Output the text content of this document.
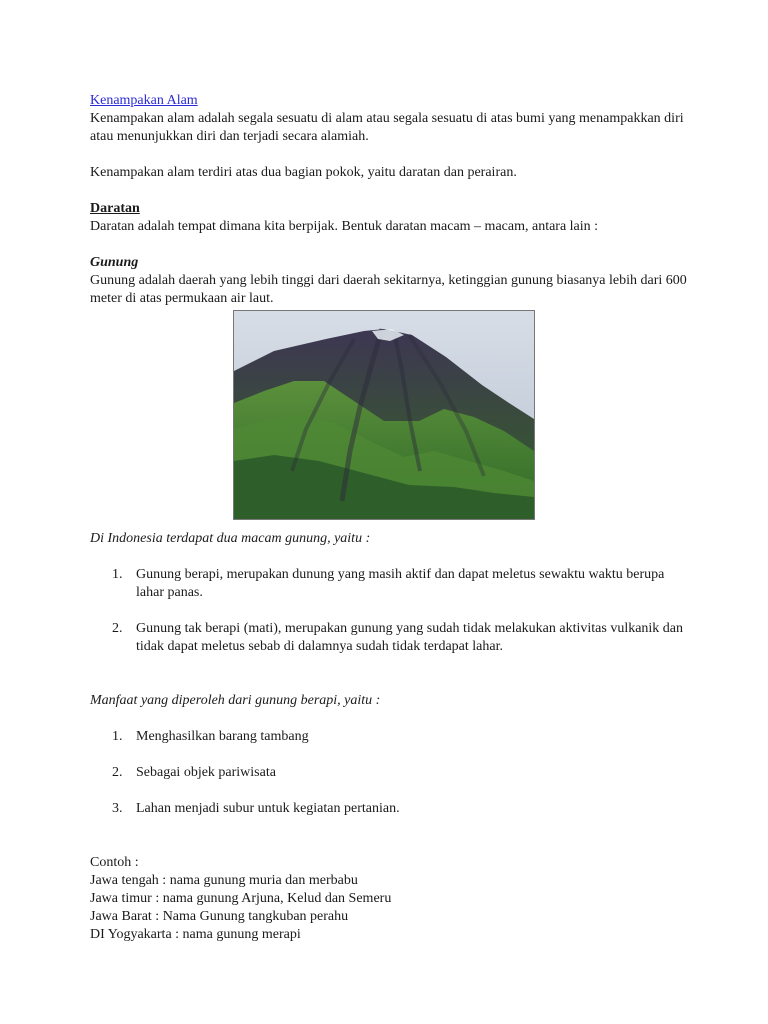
Kenampakan Alam

Kenampakan alam adalah segala sesuatu di alam atau segala sesuatu di atas bumi yang menampakkan diri atau menunjukkan diri dan terjadi secara alamiah.

Kenampakan alam terdiri atas dua bagian pokok, yaitu daratan dan perairan.

Daratan

Daratan adalah tempat dimana kita berpijak. Bentuk daratan macam – macam, antara lain :

Gunung

Gunung adalah daerah yang lebih tinggi dari daerah sekitarnya, ketinggian gunung biasanya lebih dari 600 meter di atas permukaan air laut.

Di Indonesia terdapat dua macam gunung, yaitu :

1. Gunung berapi, merupakan dunung yang masih aktif dan dapat meletus sewaktu waktu berupa lahar panas.
2. Gunung tak berapi (mati), merupakan gunung yang sudah tidak melakukan aktivitas vulkanik dan tidak dapat meletus sebab di dalamnya sudah tidak terdapat lahar.

Manfaat yang diperoleh dari gunung berapi, yaitu :

1. Menghasilkan barang tambang
2. Sebagai objek pariwisata
3. Lahan menjadi subur untuk kegiatan pertanian.

Contoh :

Jawa tengah : nama gunung muria dan merbabu

Jawa timur : nama gunung Arjuna, Kelud dan Semeru

Jawa Barat : Nama Gunung tangkuban perahu

DI Yogyakarta : nama gunung merapi
